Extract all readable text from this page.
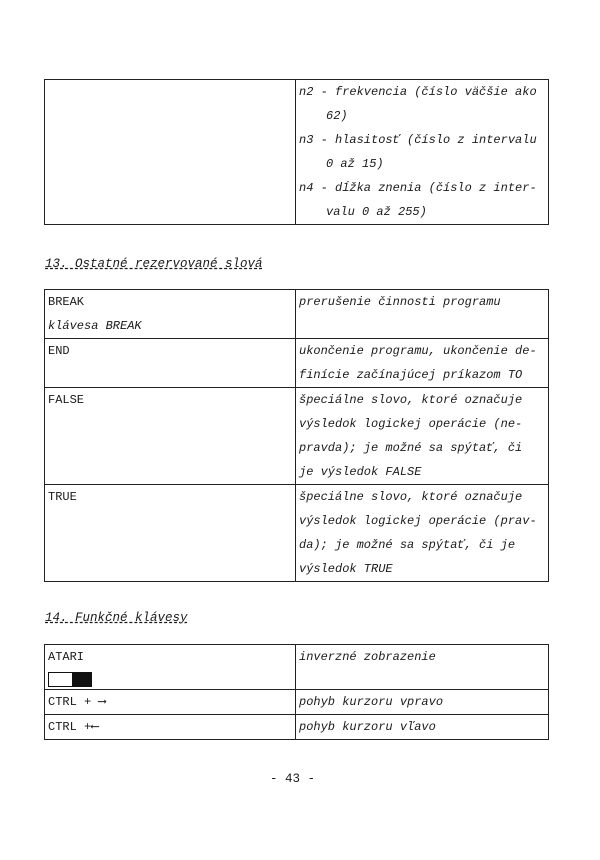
n2 - frekvencia (číslo väčšie ako
62)
n3 - hlasitosť (číslo z intervalu
0 až 15)
n4 - dĺžka znenia (číslo z inter-
valu 0 až 255)
13. Ostatné rezervované slová
BREAK
klávesa BREAK	prerušenie činnosti programu

END	ukončenie programu, ukončenie de-
finície začínajúcej príkazom TO

FALSE	špeciálne slovo, ktoré označuje
výsledok logickej operácie (ne-
pravda); je možné sa spýtať, či
je výsledok FALSE

TRUE	špeciálne slovo, ktoré označuje
výsledok logickej operácie (prav-
da); je možné sa spýtať, či je
výsledok TRUE
14. Funkčné klávesy
ATARI	inverzné zobrazenie

CTRL + ⟶	pohyb kurzoru vpravo

CTRL +⟵	pohyb kurzoru vľavo
- 43 -
